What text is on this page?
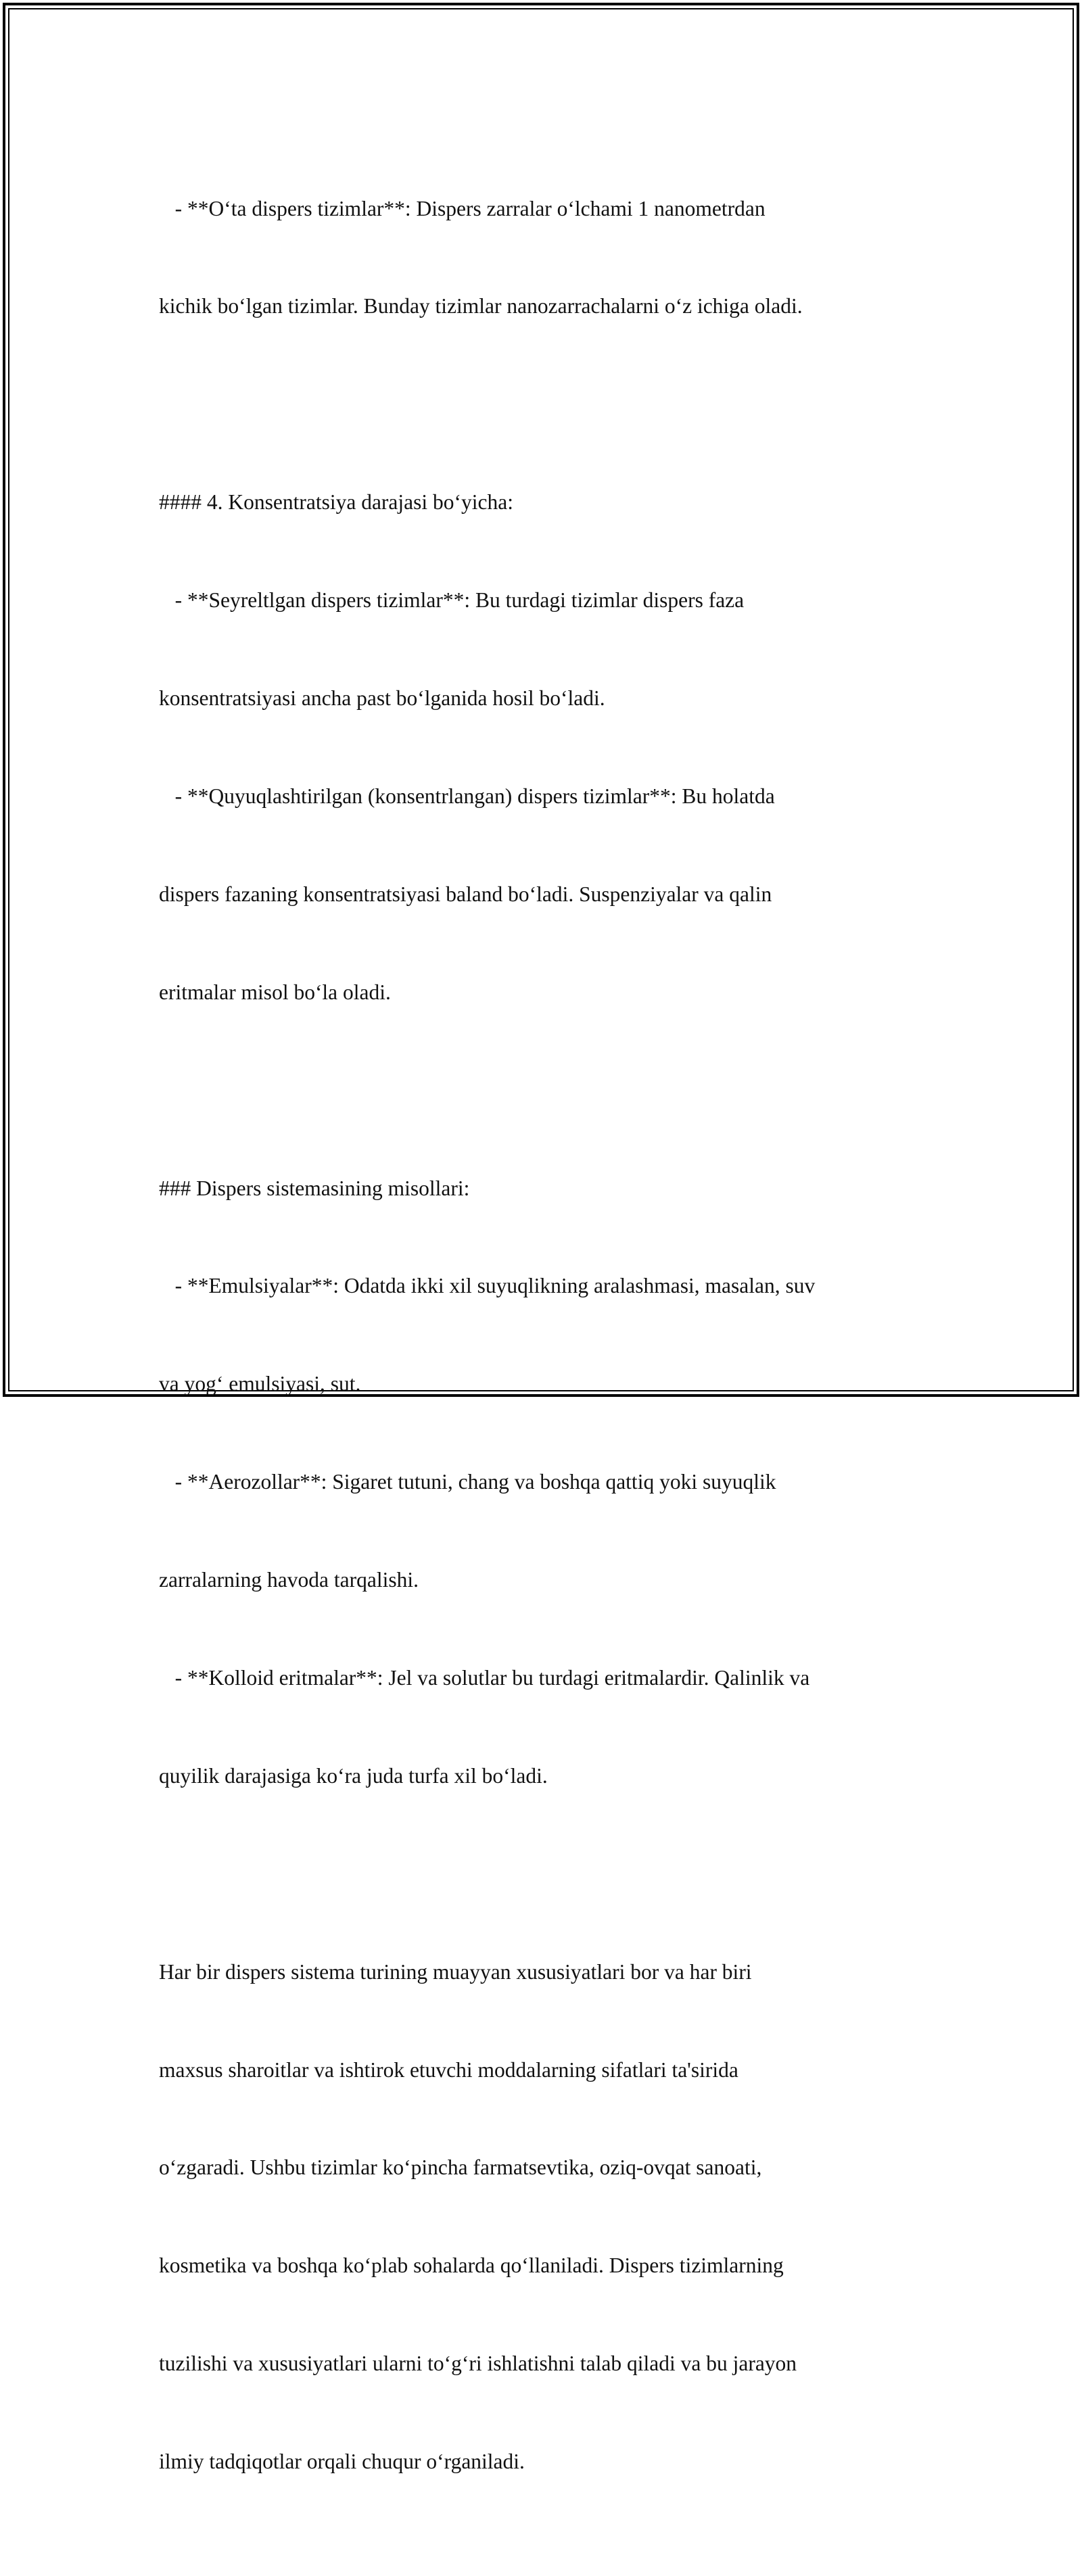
- **O‘ta dispers tizimlar**: Dispers zarralar o‘lchami 1 nanometrdan

kichik bo‘lgan tizimlar. Bunday tizimlar nanozarrachalarni o‘z ichiga oladi.

#### 4. Konsentratsiya darajasi bo‘yicha:

- **Seyreltlgan dispers tizimlar**: Bu turdagi tizimlar dispers faza

konsentratsiyasi ancha past bo‘lganida hosil bo‘ladi.

- **Quyuqlashtirilgan (konsentrlangan) dispers tizimlar**: Bu holatda

dispers fazaning konsentratsiyasi baland bo‘ladi. Suspenziyalar va qalin

eritmalar misol bo‘la oladi.

### Dispers sistemasining misollari:

- **Emulsiyalar**: Odatda ikki xil suyuqlikning aralashmasi, masalan, suv

va yog‘ emulsiyasi, sut.

- **Aerozollar**: Sigaret tutuni, chang va boshqa qattiq yoki suyuqlik

zarralarning havoda tarqalishi.

- **Kolloid eritmalar**: Jel va solutlar bu turdagi eritmalardir. Qalinlik va

quyilik darajasiga ko‘ra juda turfa xil bo‘ladi.

Har bir dispers sistema turining muayyan xususiyatlari bor va har biri

maxsus sharoitlar va ishtirok etuvchi moddalarning sifatlari ta'sirida

o‘zgaradi. Ushbu tizimlar ko‘pincha farmatsevtika, oziq-ovqat sanoati,

kosmetika va boshqa ko‘plab sohalarda qo‘llaniladi. Dispers tizimlarning

tuzilishi va xususiyatlari ularni to‘g‘ri ishlatishni talab qiladi va bu jarayon

ilmiy tadqiqotlar orqali chuqur o‘rganiladi.
